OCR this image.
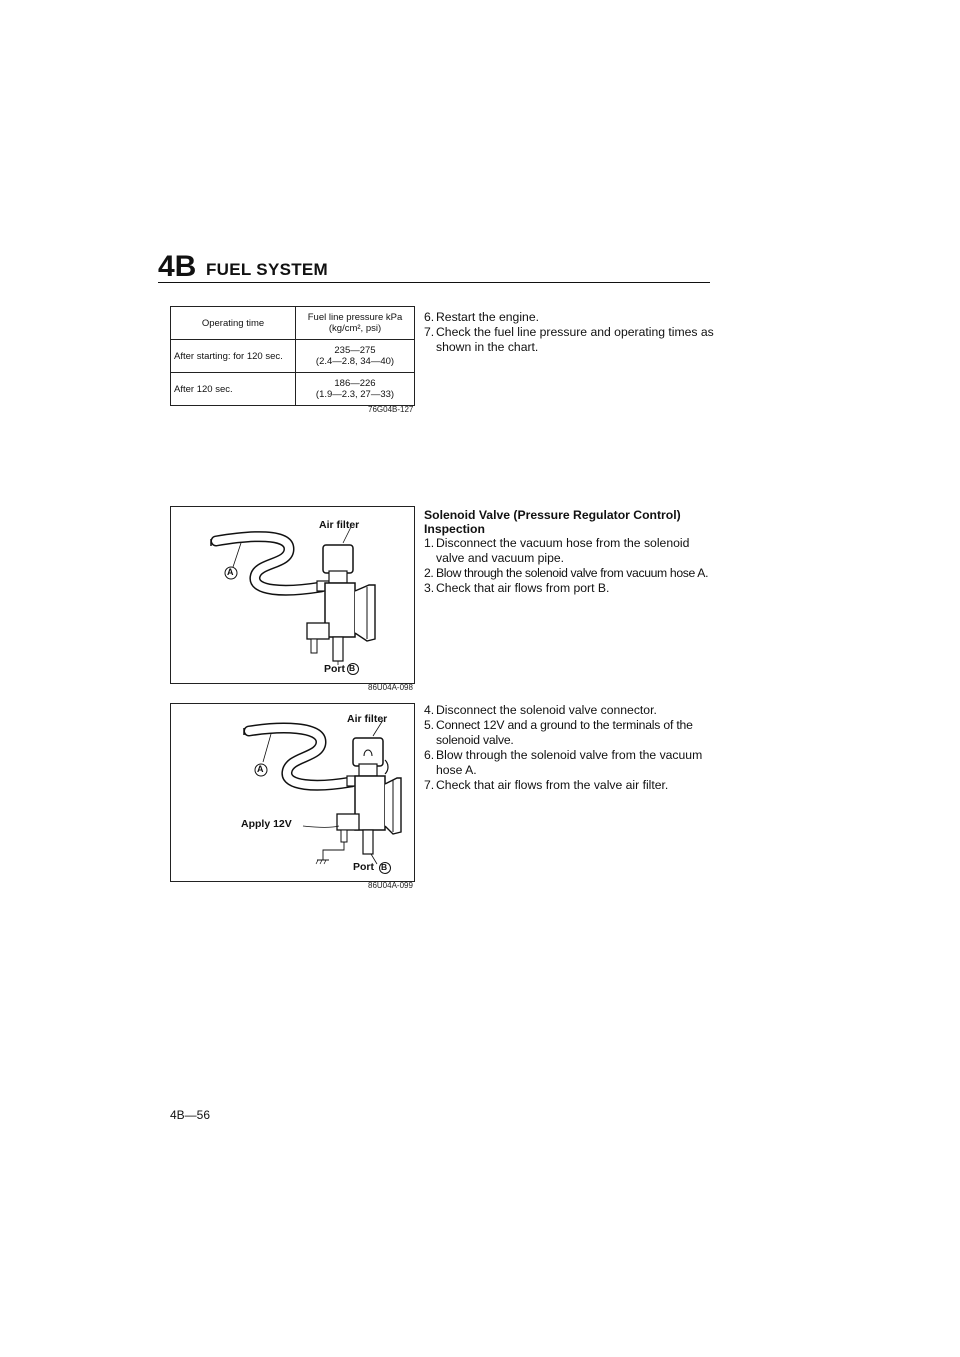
4B FUEL SYSTEM
Operating time	Fuel line pressure kPa
(kg/cm², psi)

After starting: for 120 sec.	235—275
(2.4—2.8, 34—40)

After 120 sec.	186—226
(1.9—2.3, 27—33)
76G04B-127
6. Restart the engine.
7. Check the fuel line pressure and operating times as shown in the chart.
Solenoid Valve (Pressure Regulator Control)
Inspection
1. Disconnect the vacuum hose from the solenoid valve and vacuum pipe.
2. Blow through the solenoid valve from vacuum hose A.
3. Check that air flows from port B.
4. Disconnect the solenoid valve connector.
5. Connect 12V and a ground to the terminals of the solenoid valve.
6. Blow through the solenoid valve from the vacuum hose A.
7. Check that air flows from the valve air filter.
Air filter
A
Port B
86U04A-098
Air filter
A
Apply 12V
Port B
86U04A-099
4B—56
